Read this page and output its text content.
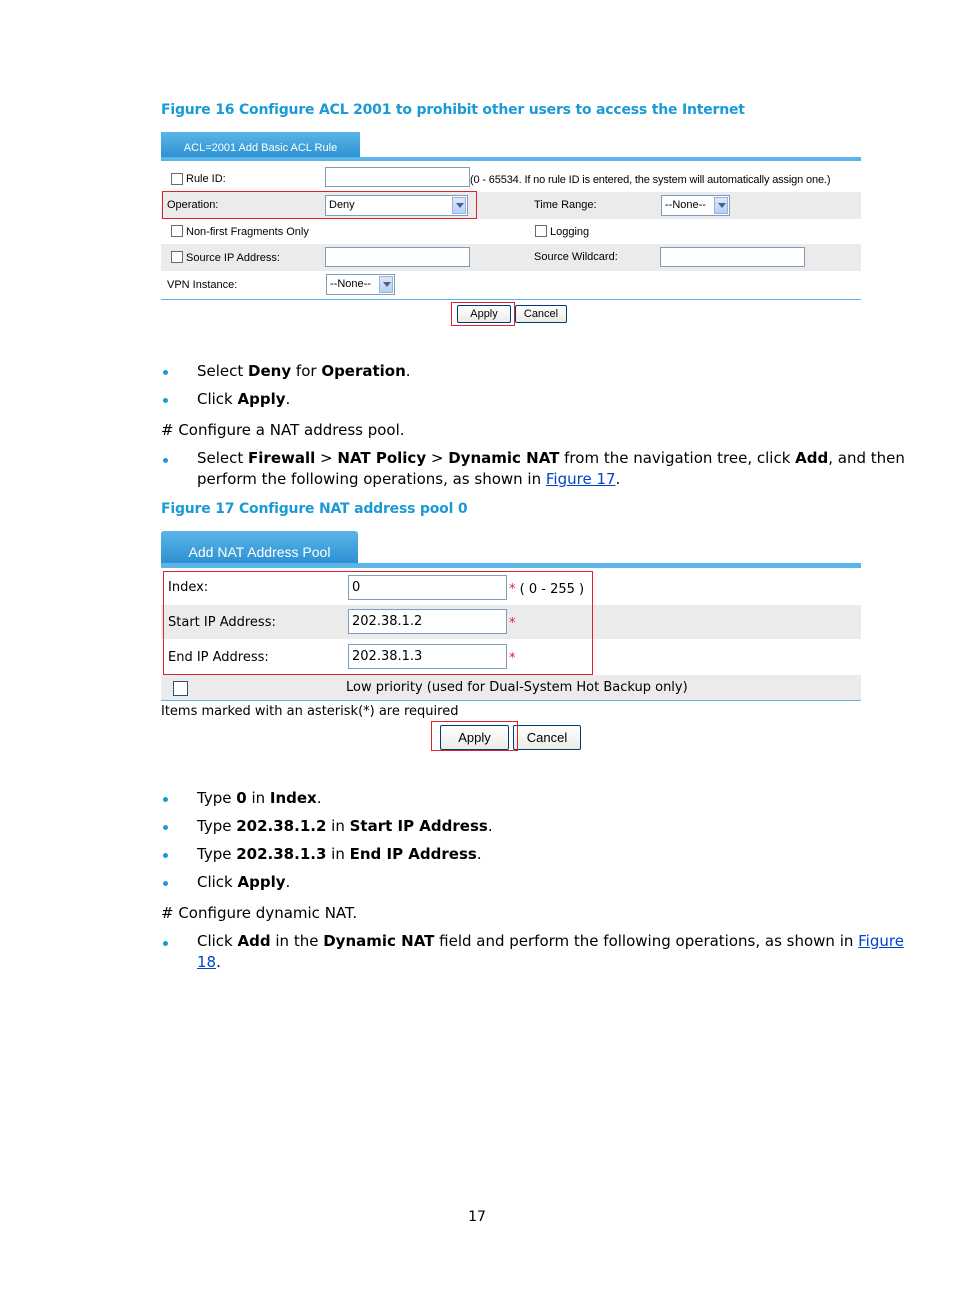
Figure 16 Configure ACL 2001 to prohibit other users to access the Internet
ACL=2001 Add Basic ACL Rule
Rule ID:	(0 - 65534. If no rule ID is entered, the system will automatically assign one.)
Operation:	Deny	Time Range:	--None--
Non-first Fragments Only	Logging
Source IP Address:	Source Wildcard:
VPN Instance:	--None--
Apply	Cancel
Select Deny for Operation.
Click Apply.
# Configure a NAT address pool.
Select Firewall > NAT Policy > Dynamic NAT from the navigation tree, click Add, and then
perform the following operations, as shown in Figure 17.
Figure 17 Configure NAT address pool 0
Add NAT Address Pool
Index:	0	* ( 0 - 255 )
Start IP Address:	202.38.1.2	*
End IP Address:	202.38.1.3	*
Low priority (used for Dual-System Hot Backup only)
Items marked with an asterisk(*) are required
Apply	Cancel
Type 0 in Index.
Type 202.38.1.2 in Start IP Address.
Type 202.38.1.3 in End IP Address.
Click Apply.
# Configure dynamic NAT.
Click Add in the Dynamic NAT field and perform the following operations, as shown in Figure
18.
17
